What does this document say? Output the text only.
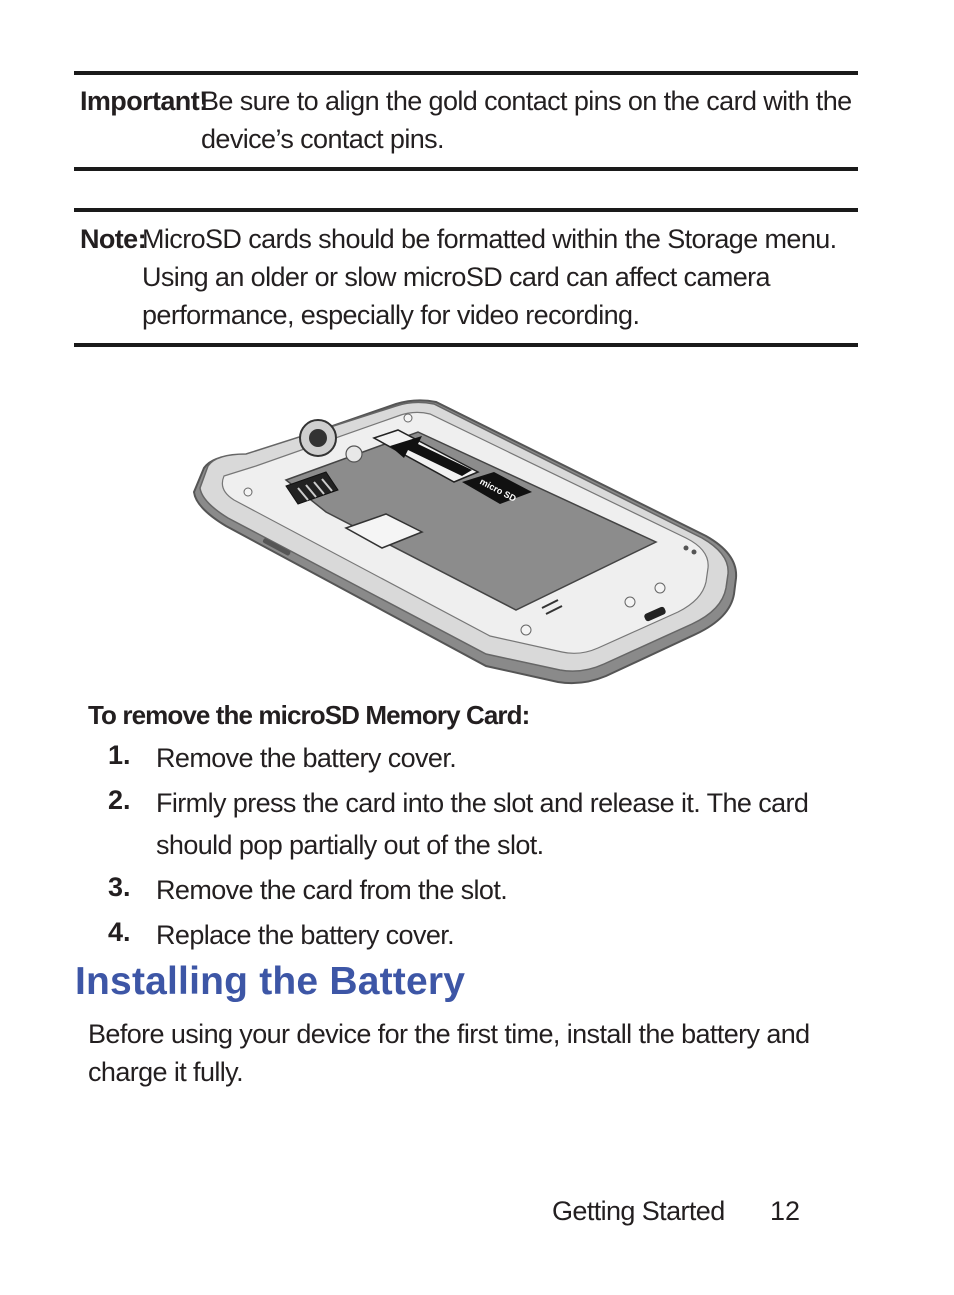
Important!
Be sure to align the gold contact pins on the card with the
device’s contact pins.
Note:
MicroSD cards should be formatted within the Storage menu.
Using an older or slow microSD card can affect camera
performance, especially for video recording.
micro SD
To remove the microSD Memory Card:
1. Remove the battery cover.
2. Firmly press the card into the slot and release it. The card
should pop partially out of the slot.
3. Remove the card from the slot.
4. Replace the battery cover.
Installing the Battery
Before using your device for the first time, install the battery and
charge it fully.
Getting Started 12
